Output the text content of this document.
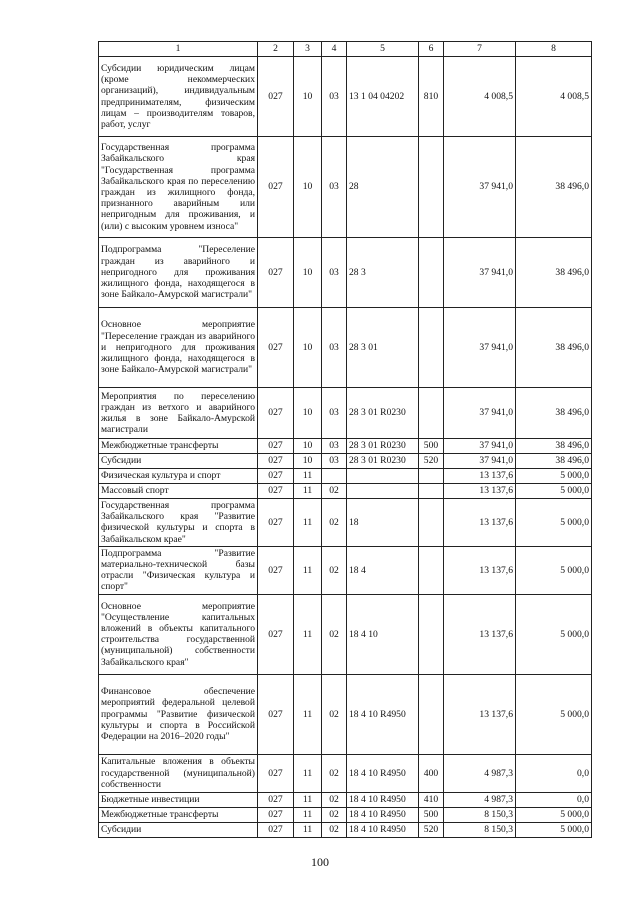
1	2	3	4	5	6	7	8
Субсидии юридическим лицам (кроме некоммерческих организаций), индивидуальным предпринимателям, физическим лицам – производителям товаров, работ, услуг	027	10	03	13 1 04 04202	810	4 008,5	4 008,5
Государственная программа Забайкальского края "Государственная программа Забайкальского края по переселению граждан из жилищного фонда, признанного аварийным или непригодным для проживания, и (или) с высоким уровнем износа"	027	10	03	28		37 941,0	38 496,0
Подпрограмма "Переселение граждан из аварийного и непригодного для проживания жилищного фонда, находящегося в зоне Байкало-Амурской магистрали"	027	10	03	28 3		37 941,0	38 496,0
Основное мероприятие "Переселение граждан из аварийного и непригодного для проживания жилищного фонда, находящегося в зоне Байкало-Амурской магистрали"	027	10	03	28 3 01		37 941,0	38 496,0
Мероприятия по переселению граждан из ветхого и аварийного жилья в зоне Байкало-Амурской магистрали	027	10	03	28 3 01 R0230		37 941,0	38 496,0
Межбюджетные трансферты	027	10	03	28 3 01 R0230	500	37 941,0	38 496,0
Субсидии	027	10	03	28 3 01 R0230	520	37 941,0	38 496,0
Физическая культура и спорт	027	11				13 137,6	5 000,0
Массовый спорт	027	11	02			13 137,6	5 000,0
Государственная программа Забайкальского края "Развитие физической культуры и спорта в Забайкальском крае"	027	11	02	18		13 137,6	5 000,0
Подпрограмма "Развитие материально-технической базы отрасли "Физическая культура и спорт"	027	11	02	18 4		13 137,6	5 000,0
Основное мероприятие "Осуществление капитальных вложений в объекты капитального строительства государственной (муниципальной) собственности Забайкальского края"	027	11	02	18 4 10		13 137,6	5 000,0
Финансовое обеспечение мероприятий федеральной целевой программы "Развитие физической культуры и спорта в Российской Федерации на 2016–2020 годы"	027	11	02	18 4 10 R4950		13 137,6	5 000,0
Капитальные вложения в объекты государственной (муниципальной) собственности	027	11	02	18 4 10 R4950	400	4 987,3	0,0
Бюджетные инвестиции	027	11	02	18 4 10 R4950	410	4 987,3	0,0
Межбюджетные трансферты	027	11	02	18 4 10 R4950	500	8 150,3	5 000,0
Субсидии	027	11	02	18 4 10 R4950	520	8 150,3	5 000,0
100
